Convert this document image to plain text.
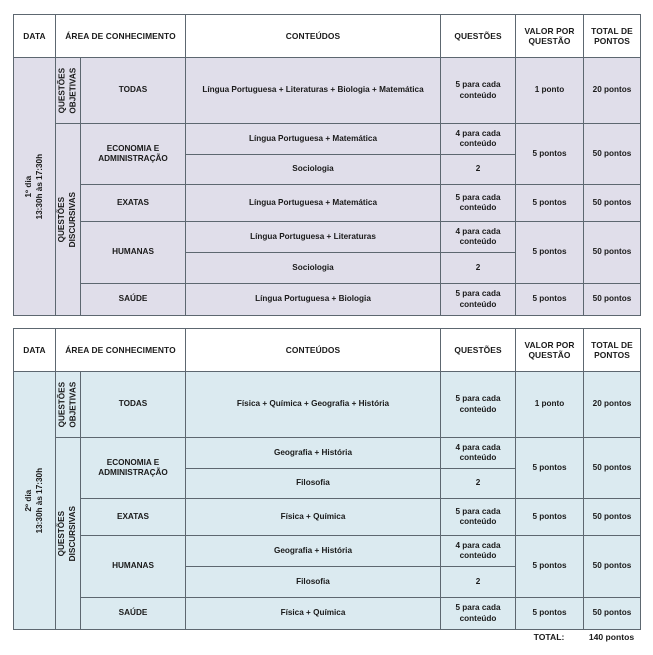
DATA	ÁREA DE CONHECIMENTO		CONTEÚDOS	QUESTÕES	VALOR POR
QUESTÃO	TOTAL DE
PONTOS

1º dia 13:30h às 17:30h	QUESTÕES OBJETIVAS	TODAS	Língua Portuguesa + Literaturas + Biologia + Matemática	5 para cada conteúdo	1 ponto	20 pontos

	QUESTÕES DISCURSIVAS	ECONOMIA E
ADMINISTRAÇÃO	Língua Portuguesa + Matemática	4 para cada conteúdo	5 pontos	50 pontos
			Sociologia	2		
		EXATAS	Língua Portuguesa + Matemática	5 para cada conteúdo	5 pontos	50 pontos
		HUMANAS	Língua Portuguesa + Literaturas	4 para cada conteúdo	5 pontos	50 pontos
			Sociologia	2		
		SAÚDE	Língua Portuguesa + Biologia	5 para cada conteúdo	5 pontos	50 pontos
DATA	ÁREA DE CONHECIMENTO		CONTEÚDOS	QUESTÕES	VALOR POR
QUESTÃO	TOTAL DE
PONTOS

2º dia 13:30h às 17:30h	QUESTÕES OBJETIVAS	TODAS	Física + Química + Geografia + História	5 para cada conteúdo	1 ponto	20 pontos

	QUESTÕES DISCURSIVAS	ECONOMIA E
ADMINISTRAÇÃO	Geografia + História	4 para cada conteúdo	5 pontos	50 pontos
			Filosofia	2		
		EXATAS	Física + Química	5 para cada conteúdo	5 pontos	50 pontos
		HUMANAS	Geografia + História	4 para cada conteúdo	5 pontos	50 pontos
			Filosofia	2		
		SAÚDE	Física + Química	5 para cada conteúdo	5 pontos	50 pontos
TOTAL:	140 pontos
